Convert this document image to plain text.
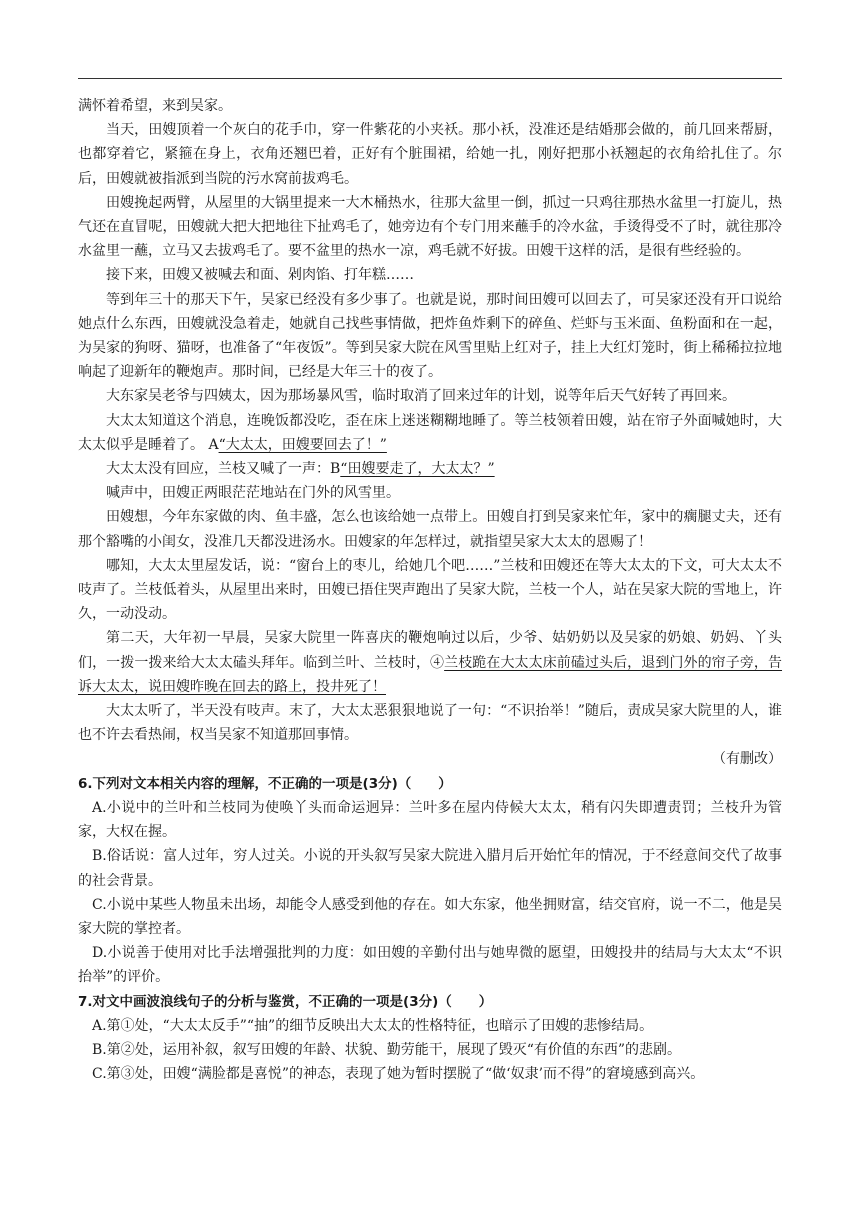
满怀着希望，来到吴家。

当天，田嫂顶着一个灰白的花手巾，穿一件紫花的小夹袄。那小袄，没准还是结婚那会做的，前几回来帮厨，也都穿着它，紧箍在身上，衣角还翘巴着，正好有个脏围裙，给她一扎，刚好把那小袄翘起的衣角给扎住了。尔后，田嫂就被指派到当院的污水窝前拔鸡毛。

田嫂挽起两臂，从屋里的大锅里提来一大木桶热水，往那大盆里一倒，抓过一只鸡往那热水盆里一打旋儿，热气还在直冒呢，田嫂就大把大把地往下扯鸡毛了，她旁边有个专门用来蘸手的冷水盆，手烫得受不了时，就往那冷水盆里一蘸，立马又去拔鸡毛了。要不盆里的热水一凉，鸡毛就不好拔。田嫂干这样的活，是很有些经验的。

接下来，田嫂又被喊去和面、剁肉馅、打年糕……

等到年三十的那天下午，吴家已经没有多少事了。也就是说，那时间田嫂可以回去了，可吴家还没有开口说给她点什么东西，田嫂就没急着走，她就自己找些事情做，把炸鱼炸剩下的碎鱼、烂虾与玉米面、鱼粉面和在一起，为吴家的狗呀、猫呀，也准备了“年夜饭”。等到吴家大院在风雪里贴上红对子，挂上大红灯笼时，街上稀稀拉拉地响起了迎新年的鞭炮声。那时间，已经是大年三十的夜了。

大东家吴老爷与四姨太，因为那场暴风雪，临时取消了回来过年的计划，说等年后天气好转了再回来。

大太太知道这个消息，连晚饭都没吃，歪在床上迷迷糊糊地睡了。等兰枝领着田嫂，站在帘子外面喊她时，大太太似乎是睡着了。 A“大太太，田嫂要回去了！”

大太太没有回应，兰枝又喊了一声：B“田嫂要走了，大太太？”

喊声中，田嫂正两眼茫茫地站在门外的风雪里。

田嫂想，今年东家做的肉、鱼丰盛，怎么也该给她一点带上。田嫂自打到吴家来忙年，家中的瘸腿丈夫，还有那个豁嘴的小闺女，没准几天都没进汤水。田嫂家的年怎样过，就指望吴家大太太的恩赐了！

哪知，大太太里屋发话，说：“窗台上的枣儿，给她几个吧……”兰枝和田嫂还在等大太太的下文，可大太太不吱声了。兰枝低着头，从屋里出来时，田嫂已捂住哭声跑出了吴家大院，兰枝一个人，站在吴家大院的雪地上，许久，一动没动。

第二天，大年初一早晨，吴家大院里一阵喜庆的鞭炮响过以后，少爷、姑奶奶以及吴家的奶娘、奶妈、丫头们，一拨一拨来给大太太磕头拜年。临到兰叶、兰枝时，④兰枝跪在大太太床前磕过头后，退到门外的帘子旁，告诉大太太，说田嫂昨晚在回去的路上，投井死了！

大太太听了，半天没有吱声。末了，大太太恶狠狠地说了一句：“不识抬举！”随后，责成吴家大院里的人，谁也不许去看热闹，权当吴家不知道那回事情。

（有删改）

6.下列对文本相关内容的理解，不正确的一项是(3分)（　　）

A.小说中的兰叶和兰枝同为使唤丫头而命运迥异：兰叶多在屋内侍候大太太，稍有闪失即遭责罚；兰枝升为管家，大权在握。

B.俗话说：富人过年，穷人过关。小说的开头叙写吴家大院进入腊月后开始忙年的情况，于不经意间交代了故事的社会背景。

C.小说中某些人物虽未出场，却能令人感受到他的存在。如大东家，他坐拥财富，结交官府，说一不二，他是吴家大院的掌控者。

D.小说善于使用对比手法增强批判的力度：如田嫂的辛勤付出与她卑微的愿望，田嫂投井的结局与大太太“不识抬举”的评价。

7.对文中画波浪线句子的分析与鉴赏，不正确的一项是(3分)（　　）

A.第①处，“大太太反手”“抽”的细节反映出大太太的性格特征，也暗示了田嫂的悲惨结局。

B.第②处，运用补叙，叙写田嫂的年龄、状貌、勤劳能干，展现了毁灭“有价值的东西”的悲剧。

C.第③处，田嫂“满脸都是喜悦”的神态，表现了她为暂时摆脱了“做‘奴隶’而不得”的窘境感到高兴。
